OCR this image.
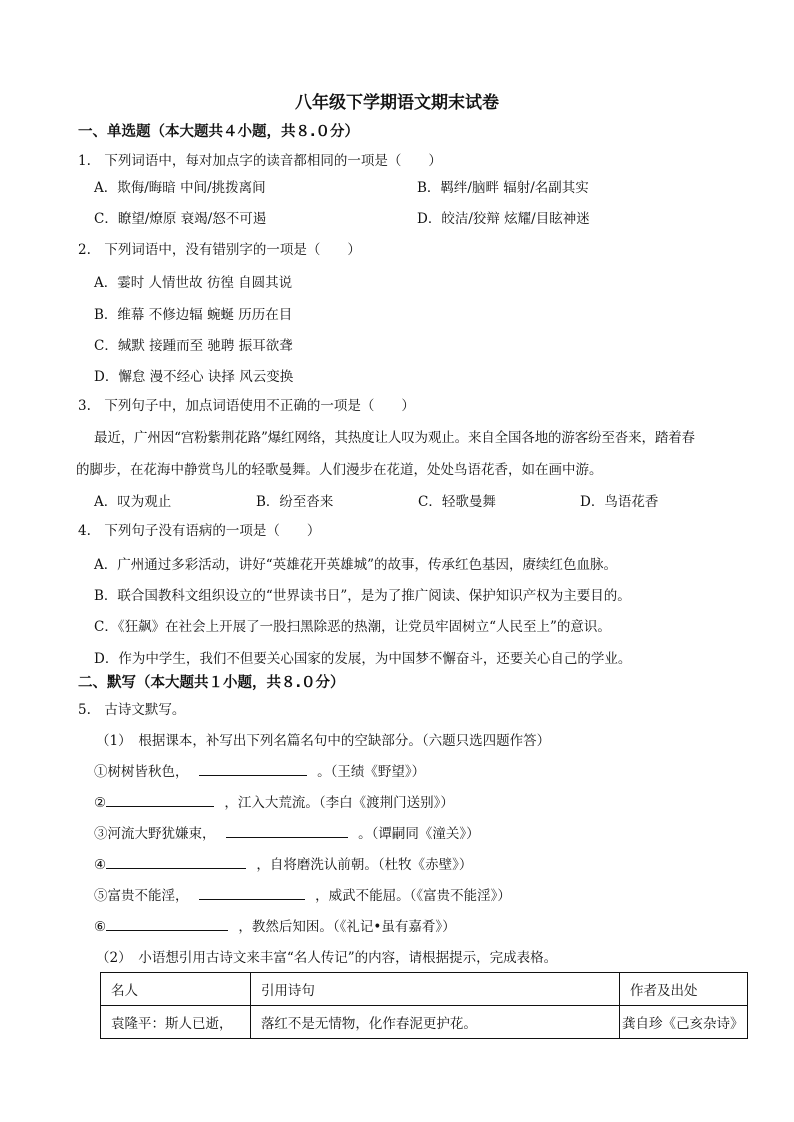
八年级下学期语文期末试卷
一、单选题（本大题共４小题，共８.０分）
1.　下列词语中，每对加点字的读音都相同的一项是（　　）
A．欺侮/晦暗 中间/挑拨离间	B．羁绊/脑畔 辐射/名副其实
C．瞭望/燎原 衰竭/怒不可遏	D．皎洁/狡辩 炫耀/目眩神迷
2.　下列词语中，没有错别字的一项是（　　）
A．霎时 人情世故 彷徨 自圆其说
B．维幕 不修边辐 蜿蜒 历历在目
C．缄默 接踵而至 驰聘 振耳欲聋
D．懈怠 漫不经心 诀择 风云变换
3.　下列句子中，加点词语使用不正确的一项是（　　）
最近，广州因“宫粉紫荆花路”爆红网络，其热度让人叹为观止。来自全国各地的游客纷至沓来，踏着春
的脚步，在花海中静赏鸟儿的轻歌曼舞。人们漫步在花道，处处鸟语花香，如在画中游。
A．叹为观止	B．纷至沓来	C．轻歌曼舞	D．鸟语花香
4.　下列句子没有语病的一项是（　　）
A．广州通过多彩活动，讲好“英雄花开英雄城”的故事，传承红色基因，赓续红色血脉。
B．联合国教科文组织设立的“世界读书日”，是为了推广阅读、保护知识产权为主要目的。
C．《狂飙》在社会上开展了一股扫黑除恶的热潮，让党员牢固树立“人民至上”的意识。
D．作为中学生，我们不但要关心国家的发展，为中国梦不懈奋斗，还要关心自己的学业。
二、默写（本大题共１小题，共８.０分）
5.　古诗文默写。
（1）　根据课本，补写出下列名篇名句中的空缺部分。（六题只选四题作答）
①树树皆秋色，	。（王绩《野望》）
②	，江入大荒流。（李白《渡荆门送别》）
③河流大野犹嫌束，	。（谭嗣同《潼关》）
④	，自将磨洗认前朝。（杜牧《赤壁》）
⑤富贵不能淫，	，威武不能屈。（《富贵不能淫》）
⑥	，教然后知困。（《礼记•虽有嘉肴》）
（2）　小语想引用古诗文来丰富“名人传记”的内容，请根据提示，完成表格。
名人	引用诗句	作者及出处
袁隆平：斯人已逝，	落红不是无情物，化作春泥更护花。	龚自珍《己亥杂诗》
